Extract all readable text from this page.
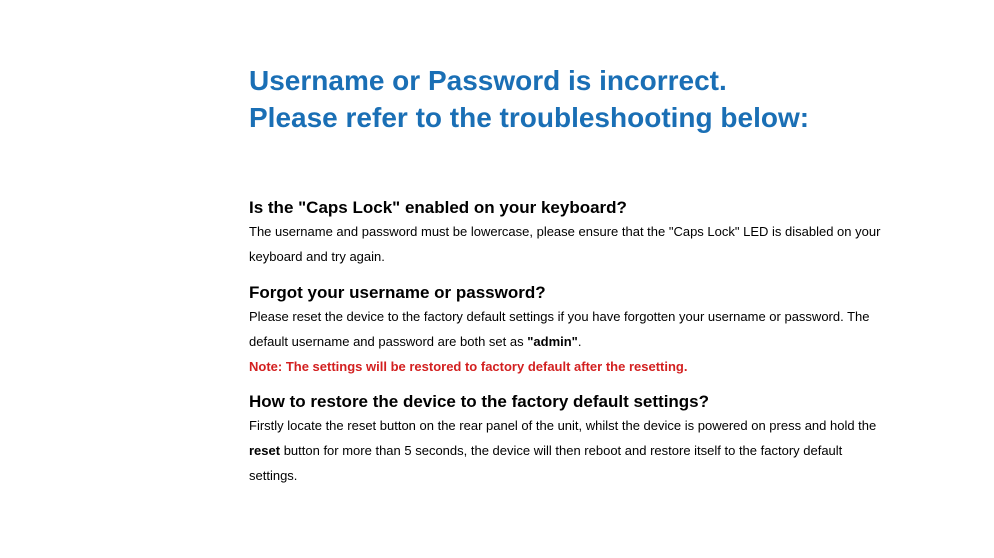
Username or Password is incorrect.
Please refer to the troubleshooting below:
Is the "Caps Lock" enabled on your keyboard?

The username and password must be lowercase, please ensure that the "Caps Lock" LED is disabled on your keyboard and try again.

Forgot your username or password?

Please reset the device to the factory default settings if you have forgotten your username or password. The default username and password are both set as "admin".

Note: The settings will be restored to factory default after the resetting.

How to restore the device to the factory default settings?

Firstly locate the reset button on the rear panel of the unit, whilst the device is powered on press and hold the reset button for more than 5 seconds, the device will then reboot and restore itself to the factory default settings.
